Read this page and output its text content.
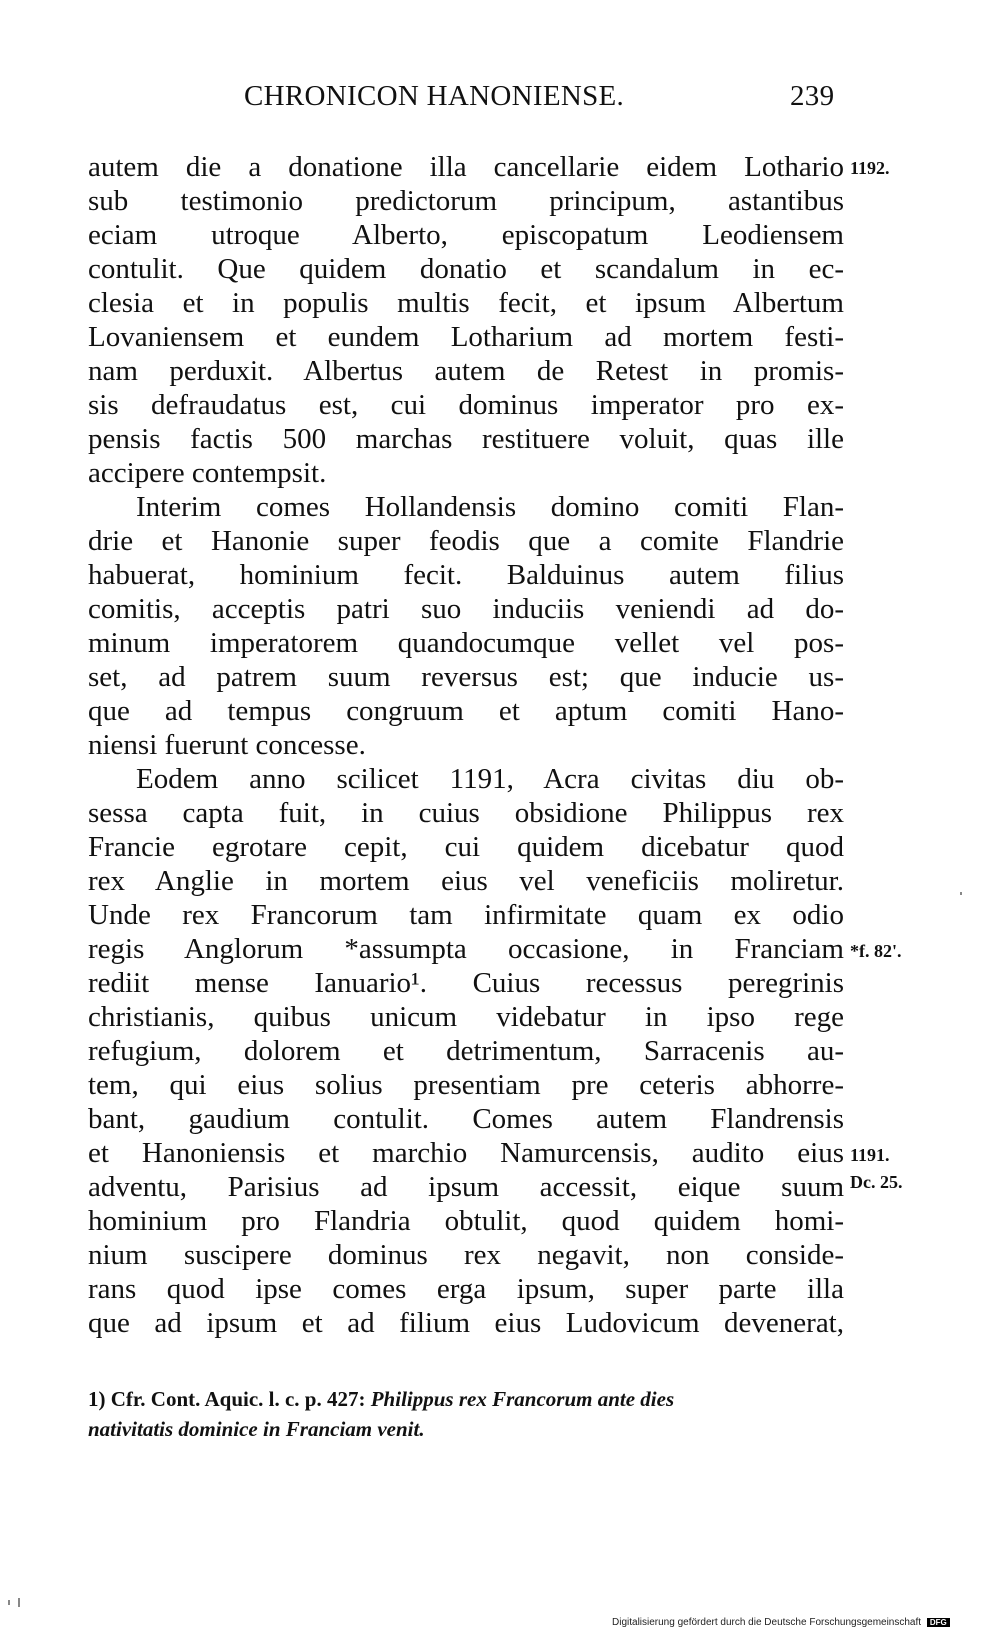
CHRONICON HANONIENSE.	239
autem die a donatione illa cancellarie eidem Lothario
sub testimonio predictorum principum, astantibus
eciam utroque Alberto, episcopatum Leodiensem
contulit. Que quidem donatio et scandalum in ec-
clesia et in populis multis fecit, et ipsum Albertum
Lovaniensem et eundem Lotharium ad mortem festi-
nam perduxit. Albertus autem de Retest in promis-
sis defraudatus est, cui dominus imperator pro ex-
pensis factis 500 marchas restituere voluit, quas ille
accipere contempsit.
Interim comes Hollandensis domino comiti Flan-
drie et Hanonie super feodis que a comite Flandrie
habuerat, hominium fecit. Balduinus autem filius
comitis, acceptis patri suo induciis veniendi ad do-
minum imperatorem quandocumque vellet vel pos-
set, ad patrem suum reversus est; que inducie us-
que ad tempus congruum et aptum comiti Hano-
niensi fuerunt concesse.
Eodem anno scilicet 1191, Acra civitas diu ob-
sessa capta fuit, in cuius obsidione Philippus rex
Francie egrotare cepit, cui quidem dicebatur quod
rex Anglie in mortem eius vel veneficiis moliretur.
Unde rex Francorum tam infirmitate quam ex odio
regis Anglorum *assumpta occasione, in Franciam
rediit mense Ianuario¹. Cuius recessus peregrinis
christianis, quibus unicum videbatur in ipso rege
refugium, dolorem et detrimentum, Sarracenis au-
tem, qui eius solius presentiam pre ceteris abhorre-
bant, gaudium contulit. Comes autem Flandrensis
et Hanoniensis et marchio Namurcensis, audito eius
adventu, Parisius ad ipsum accessit, eique suum
hominium pro Flandria obtulit, quod quidem homi-
nium suscipere dominus rex negavit, non conside-
rans quod ipse comes erga ipsum, super parte illa
que ad ipsum et ad filium eius Ludovicum devenerat,
1192.
*f. 82'.
1191.
Dc. 25.
1) Cfr. Cont. Aquic. l. c. p. 427: Philippus rex Francorum ante dies
nativitatis dominice in Franciam venit.
Digitalisierung gefördert durch die Deutsche Forschungsgemeinschaft DFG
